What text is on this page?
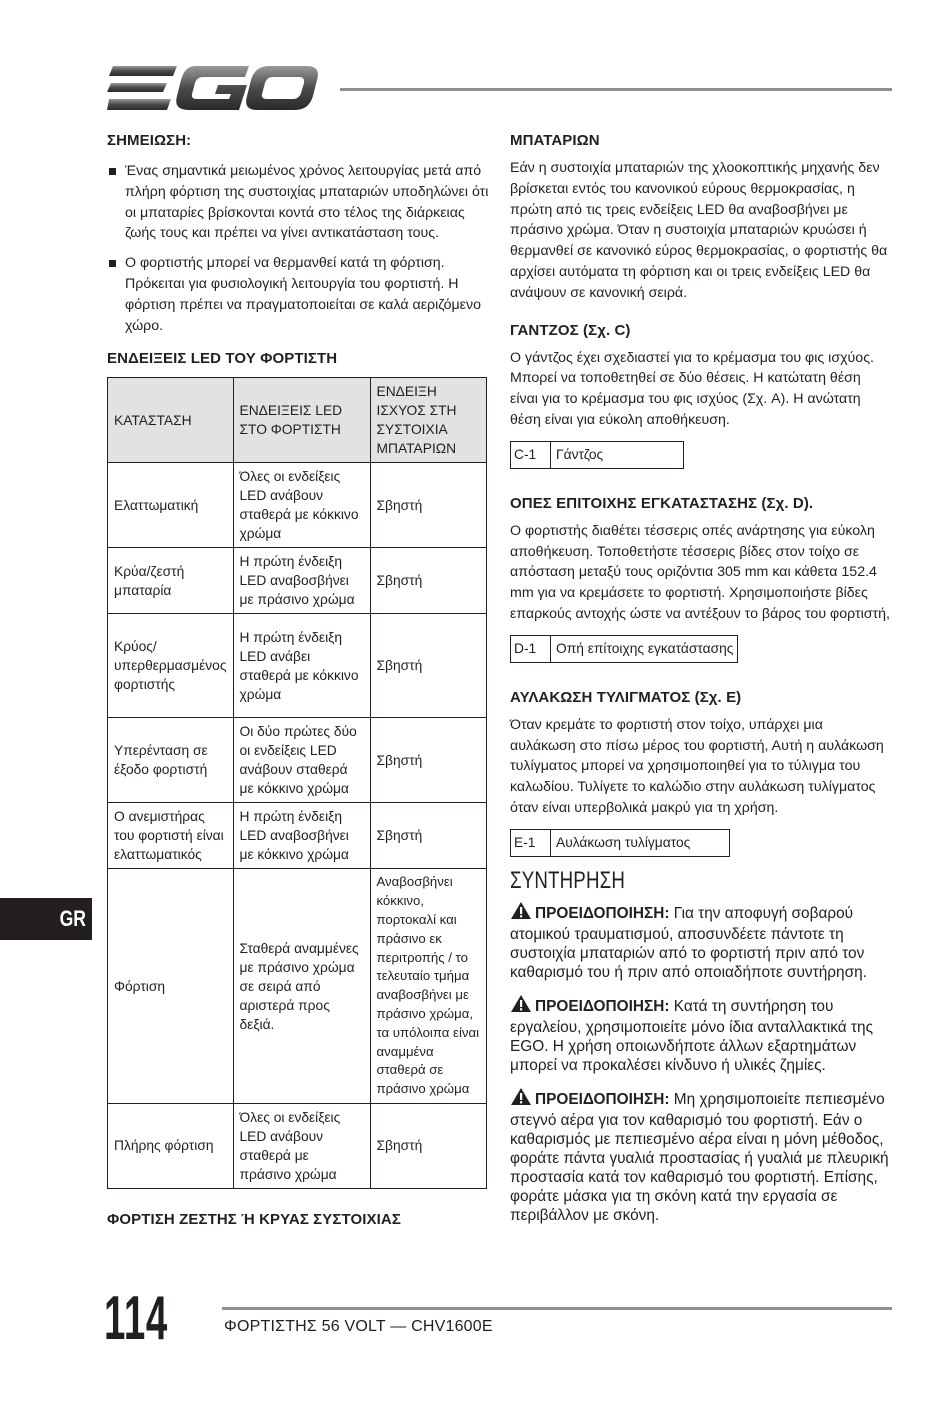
ΣΗΜΕΙΩΣΗ:
Ένας σημαντικά μειωμένος χρόνος λειτουργίας μετά από πλήρη φόρτιση της συστοιχίας μπαταριών υποδηλώνει ότι οι μπαταρίες βρίσκονται κοντά στο τέλος της διάρκειας ζωής τους και πρέπει να γίνει αντικατάσταση τους.
Ο φορτιστής μπορεί να θερμανθεί κατά τη φόρτιση. Πρόκειται για φυσιολογική λειτουργία του φορτιστή. Η φόρτιση πρέπει να πραγματοποιείται σε καλά αεριζόμενο χώρο.
ΕΝΔΕΙΞΕΙΣ LED ΤΟΥ ΦΟΡΤΙΣΤΗ
ΚΑΤΑΣΤΑΣΗ	ΕΝΔΕΙΞΕΙΣ LED ΣΤΟ ΦΟΡΤΙΣΤΗ	ΕΝΔΕΙΞΗ ΙΣΧΥΟΣ ΣΤΗ ΣΥΣΤΟΙΧΙΑ ΜΠΑΤΑΡΙΩΝ
Ελαττωματική	Όλες οι ενδείξεις LED ανάβουν σταθερά με κόκκινο χρώμα	Σβηστή
Κρύα/ζεστή μπαταρία	Η πρώτη ένδειξη LED αναβοσβήνει με πράσινο χρώμα	Σβηστή
Κρύος/ υπερθερμασμένος φορτιστής	Η πρώτη ένδειξη LED ανάβει σταθερά με κόκκινο χρώμα	Σβηστή
Υπερένταση σε έξοδο φορτιστή	Οι δύο πρώτες δύο οι ενδείξεις LED ανάβουν σταθερά με κόκκινο χρώμα	Σβηστή
Ο ανεμιστήρας του φορτιστή είναι ελαττωματικός	Η πρώτη ένδειξη LED αναβοσβήνει με κόκκινο χρώμα	Σβηστή
Φόρτιση	Σταθερά αναμμένες με πράσινο χρώμα σε σειρά από αριστερά προς δεξιά.	Αναβοσβήνει κόκκινο, πορτοκαλί και πράσινο εκ περιτροπής / το τελευταίο τμήμα αναβοσβήνει με πράσινο χρώμα, τα υπόλοιπα είναι αναμμένα σταθερά σε πράσινο χρώμα
Πλήρης φόρτιση	Όλες οι ενδείξεις LED ανάβουν σταθερά με πράσινο χρώμα	Σβηστή
ΦΟΡΤΙΣΗ ΖΕΣΤΗΣ Ή ΚΡΥΑΣ ΣΥΣΤΟΙΧΙΑΣ
ΜΠΑΤΑΡΙΩΝ

Εάν η συστοιχία μπαταριών της χλοοκοπτικής μηχανής δεν βρίσκεται εντός του κανονικού εύρους θερμοκρασίας, η πρώτη από τις τρεις ενδείξεις LED θα αναβοσβήνει με πράσινο χρώμα. Όταν η συστοιχία μπαταριών κρυώσει ή θερμανθεί σε κανονικό εύρος θερμοκρασίας, ο φορτιστής θα αρχίσει αυτόματα τη φόρτιση και οι τρεις ενδείξεις LED θα ανάψουν σε κανονική σειρά.

ΓΑΝΤΖΟΣ (Σχ. C)

Ο γάντζος έχει σχεδιαστεί για το κρέμασμα του φις ισχύος. Μπορεί να τοποθετηθεί σε δύο θέσεις. Η κατώτατη θέση είναι για το κρέμασμα του φις ισχύος (Σχ. A). Η ανώτατη θέση είναι για εύκολη αποθήκευση.

C-1	Γάντζος
ΟΠΕΣ ΕΠΙΤΟΙΧΗΣ ΕΓΚΑΤΑΣΤΑΣΗΣ (Σχ. D).

Ο φορτιστής διαθέτει τέσσερις οπές ανάρτησης για εύκολη αποθήκευση. Τοποθετήστε τέσσερις βίδες στον τοίχο σε απόσταση μεταξύ τους οριζόντια 305 mm και κάθετα 152.4 mm για να κρεμάσετε το φορτιστή. Χρησιμοποιήστε βίδες επαρκούς αντοχής ώστε να αντέξουν το βάρος του φορτιστή,

D-1	Οπή επίτοιχης εγκατάστασης
ΑΥΛΑΚΩΣΗ ΤΥΛΙΓΜΑΤΟΣ (Σχ. E)

Όταν κρεμάτε το φορτιστή στον τοίχο, υπάρχει μια αυλάκωση στο πίσω μέρος του φορτιστή, Αυτή η αυλάκωση τυλίγματος μπορεί να χρησιμοποιηθεί για το τύλιγμα του καλωδίου. Τυλίγετε το καλώδιο στην αυλάκωση τυλίγματος όταν είναι υπερβολικά μακρύ για τη χρήση.

E-1	Αυλάκωση τυλίγματος
ΣΥΝΤΗΡΗΣΗ
ΠΡΟΕΙΔΟΠΟΙΗΣΗ: Για την αποφυγή σοβαρού ατομικού τραυματισμού, αποσυνδέετε πάντοτε τη συστοιχία μπαταριών από το φορτιστή πριν από τον καθαρισμό του ή πριν από οποιαδήποτε συντήρηση.
ΠΡΟΕΙΔΟΠΟΙΗΣΗ: Κατά τη συντήρηση του εργαλείου, χρησιμοποιείτε μόνο ίδια ανταλλακτικά της EGO. Η χρήση οποιωνδήποτε άλλων εξαρτημάτων μπορεί να προκαλέσει κίνδυνο ή υλικές ζημίες.
ΠΡΟΕΙΔΟΠΟΙΗΣΗ: Μη χρησιμοποιείτε πεπιεσμένο στεγνό αέρα για τον καθαρισμό του φορτιστή. Εάν ο καθαρισμός με πεπιεσμένο αέρα είναι η μόνη μέθοδος, φοράτε πάντα γυαλιά προστασίας ή γυαλιά με πλευρική προστασία κατά τον καθαρισμό του φορτιστή. Επίσης, φοράτε μάσκα για τη σκόνη κατά την εργασία σε περιβάλλον με σκόνη.
GR
114	ΦΟΡΤΙΣΤΗΣ 56 VOLT — CHV1600E
